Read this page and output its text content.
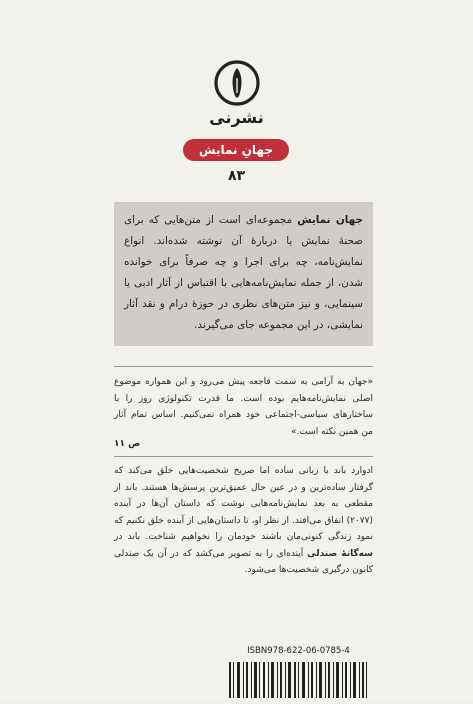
نشرنی
جهانِ نمایش
۸۳
جهان نمایش مجموعه‌ای است از متن‌هایی که برای صحنهٔ نمایش یا دربارهٔ آن نوشته شده‌اند. انواع نمایش‌نامه، چه برای اجرا و چه صرفاً برای خوانده شدن، از جمله نمایش‌نامه‌هایی با اقتباس از آثار ادبی یا سینمایی، و نیز متن‌های نظری در حوزهٔ درام و نقد آثار نمایشی، در این مجموعه جای می‌گیرند.
«جهان به آرامی به سمت فاجعه پیش می‌رود و این همواره موضوع اصلی نمایش‌نامه‌هایم بوده است. ما قدرت تکنولوژی روز را با ساختارهای سیاسی-اجتماعی خود همراه نمی‌کنیم. اساس تمام آثار من همین نکته است.»
ص ۱۱
ادوارد باند با زبانی ساده اما صریح شخصیت‌هایی خلق می‌کند که گرفتار ساده‌ترین و در عین حال عمیق‌ترین پرسش‌ها هستند. باند از مقطعی به بعد نمایش‌نامه‌هایی نوشت که داستان آن‌ها در آینده (۲۰۷۷) اتفاق می‌افتد. از نظر او، تا داستان‌هایی از آینده خلق نکنیم که نمود زندگی کنونی‌مان باشند خودمان را نخواهیم شناخت. باند در سه‌گانهٔ صندلی آینده‌ای را به تصویر می‌کشد که در آن یک صندلی کانون درگیری شخصیت‌ها می‌شود.
ISBN978-622-06-0785-4
